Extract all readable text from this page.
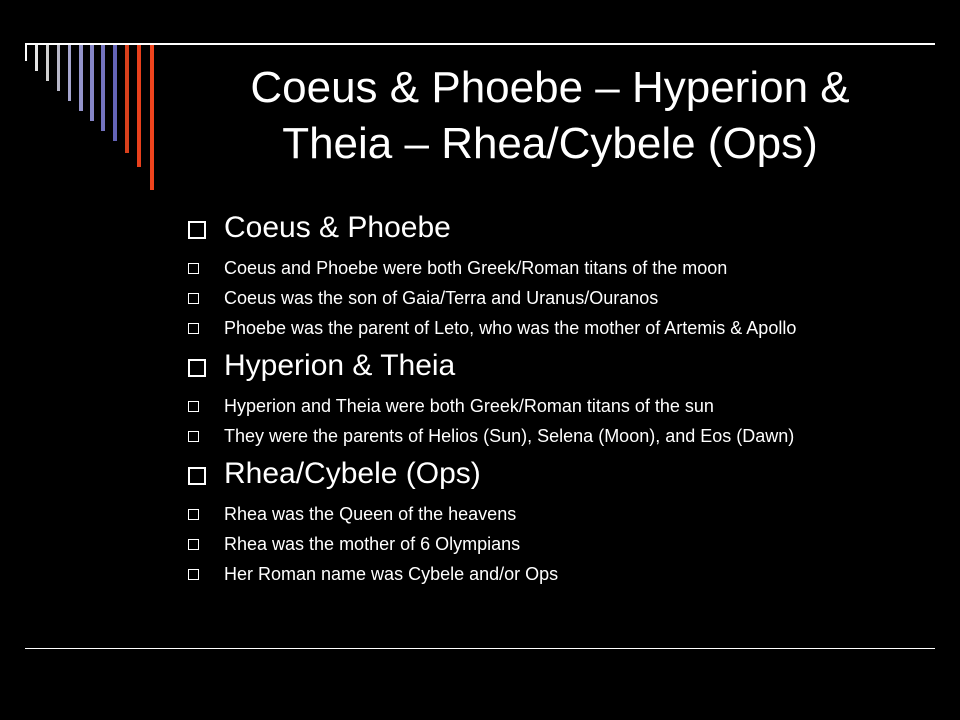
Coeus & Phoebe – Hyperion &
Theia – Rhea/Cybele (Ops)
Coeus & Phoebe
Coeus and Phoebe were both Greek/Roman titans of the moon
Coeus was the son of Gaia/Terra and Uranus/Ouranos
Phoebe was the parent of Leto, who was the mother of Artemis & Apollo
Hyperion & Theia
Hyperion and Theia were both Greek/Roman titans of the sun
They were the parents of Helios (Sun), Selena (Moon), and Eos (Dawn)
Rhea/Cybele (Ops)
Rhea was the Queen of the heavens
Rhea was the mother of 6 Olympians
Her Roman name was Cybele and/or Ops
